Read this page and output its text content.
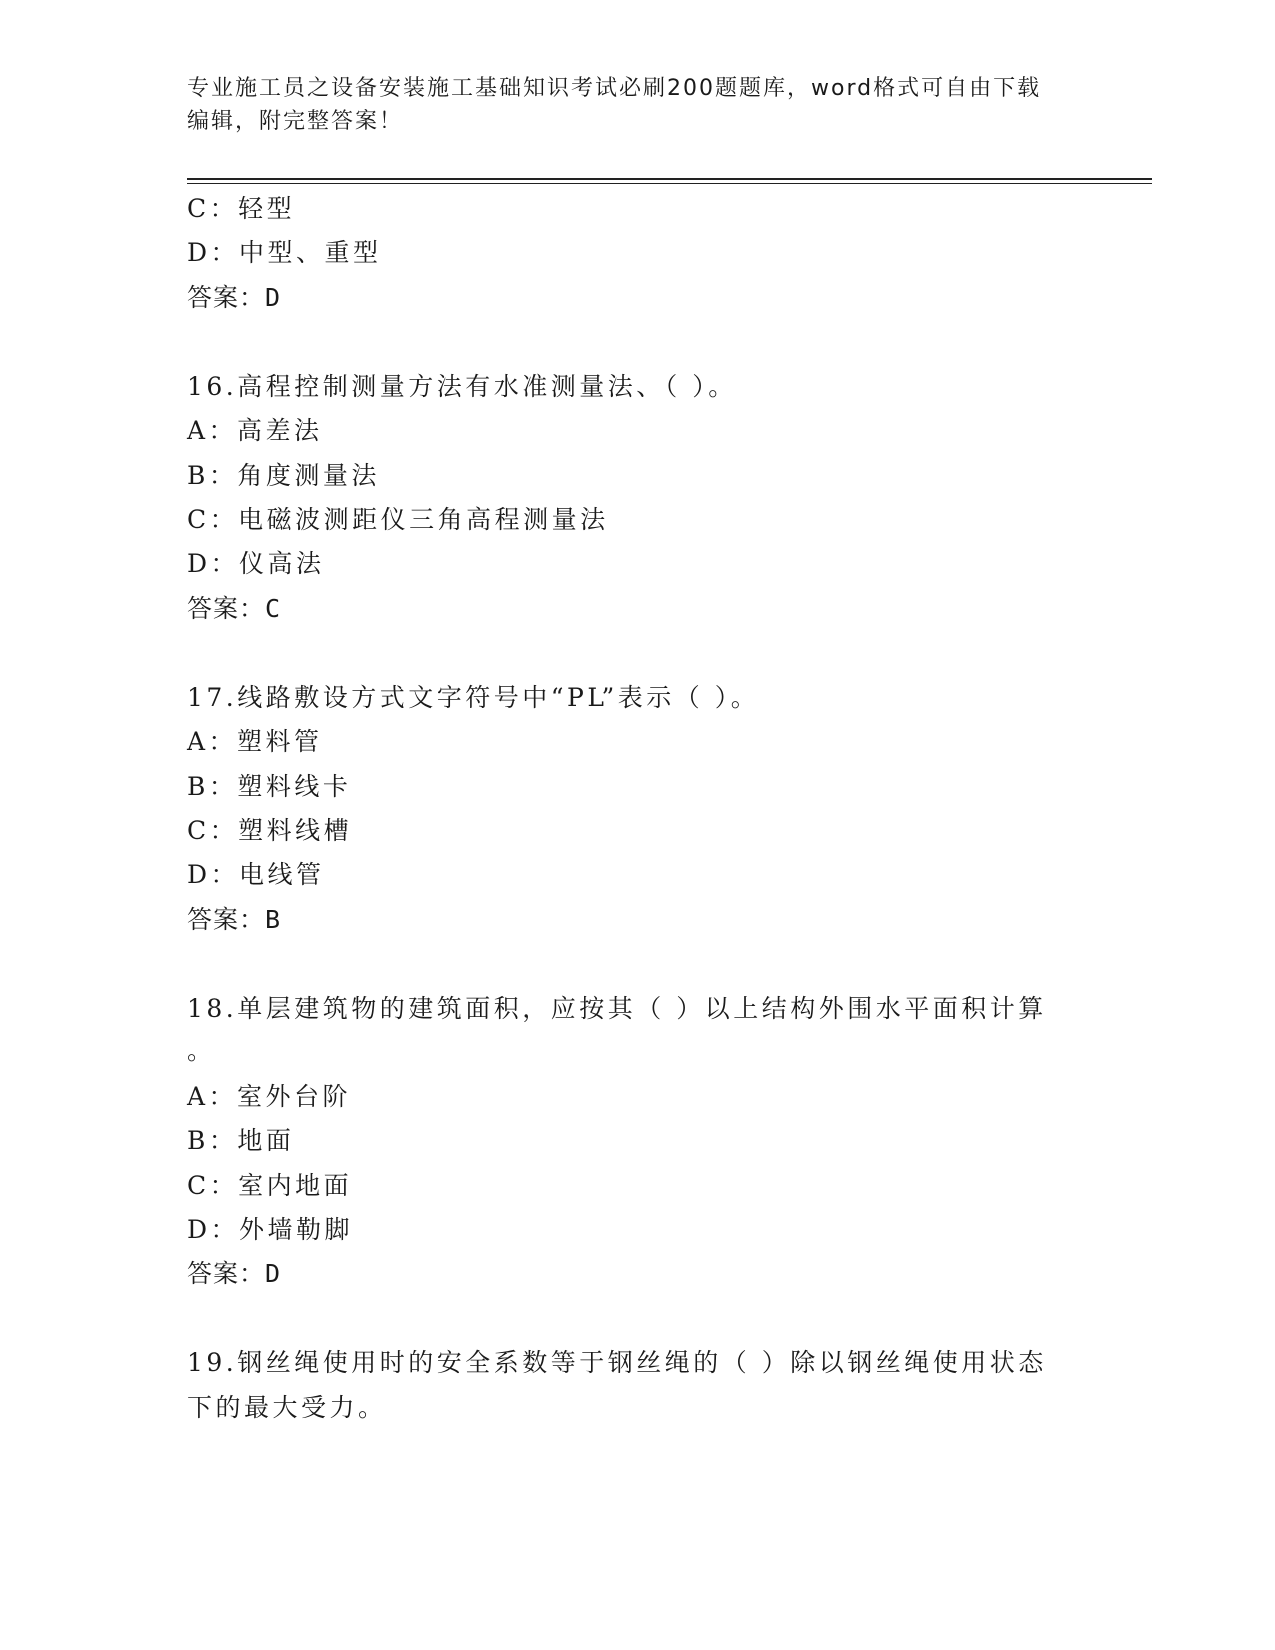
专业施工员之设备安装施工基础知识考试必刷200题题库，word格式可自由下载
编辑，附完整答案！
C：轻型
D：中型、重型
答案：D
16.高程控制测量方法有水准测量法、（ ）。
A：高差法
B：角度测量法
C：电磁波测距仪三角高程测量法
D：仪高法
答案：C
17.线路敷设方式文字符号中“PL”表示（ ）。
A：塑料管
B：塑料线卡
C：塑料线槽
D：电线管
答案：B
18.单层建筑物的建筑面积，应按其（ ）以上结构外围水平面积计算
。
A：室外台阶
B：地面
C：室内地面
D：外墙勒脚
答案：D
19.钢丝绳使用时的安全系数等于钢丝绳的（ ）除以钢丝绳使用状态
下的最大受力。
